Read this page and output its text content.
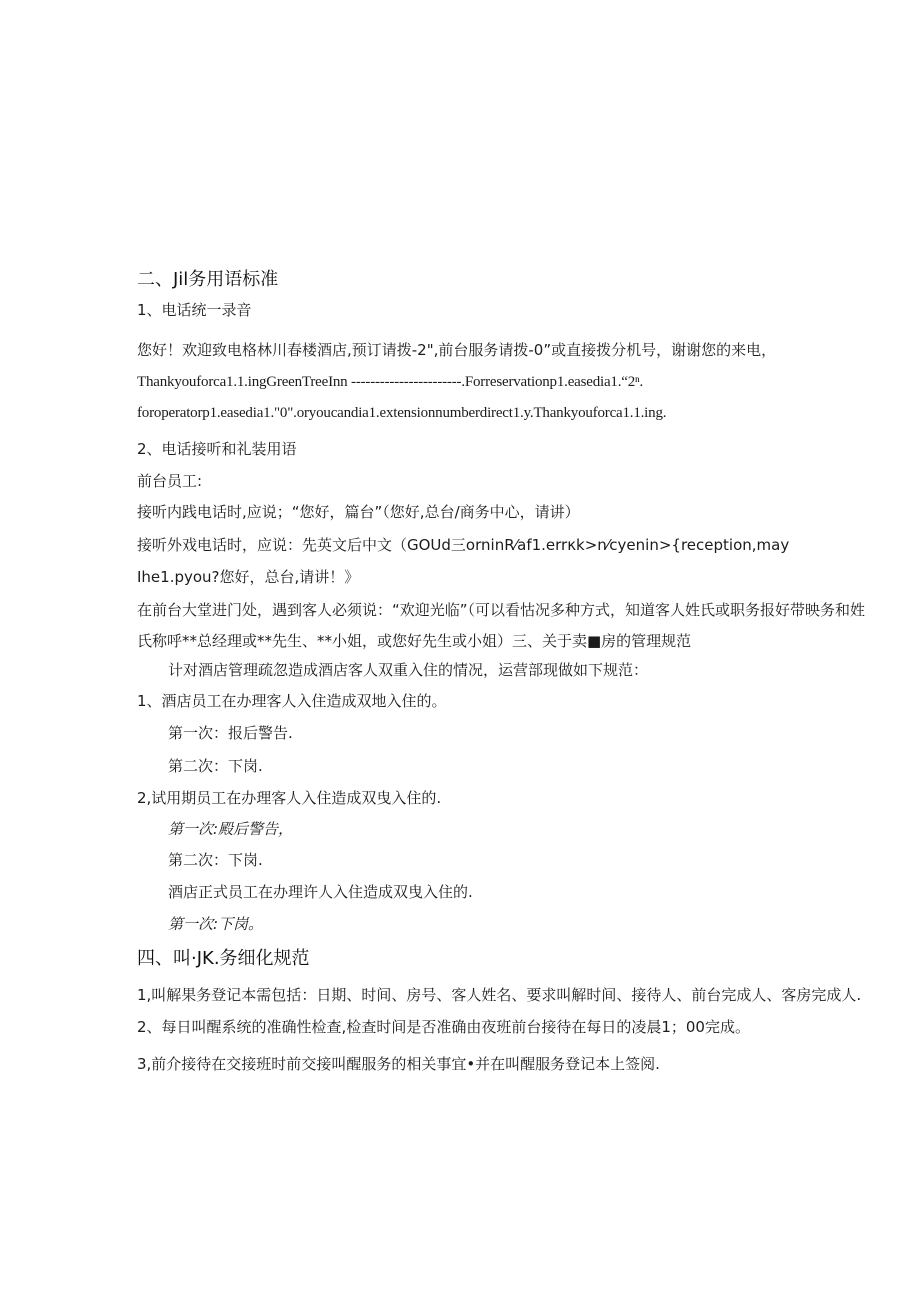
二、Jil务用语标准
1、电话统一录音
您好！欢迎致电格林川春楼酒店,预订请拨-2",前台服务请拨-0”或直接拨分机号，谢谢您的来电，
Thankyouforca1.1.ingGreenTreeInn -----------------------.Forreservationp1.easedia1.“2ⁿ.
foroperatorp1.easedia1."0".oryoucandia1.extensionnumberdirect1.y.Thankyouforca1.1.ing.
2、电话接听和礼装用语
前台员工:
接听内践电话时,应说；“您好，篇台”（您好,总台/商务中心，请讲）
接听外戏电话时，应说：先英文后中文（GOUd三orninR⁄af1.errκk>n⁄cyenin>{reception,may
Ihe1.pyou?您好，总台,请讲！》
在前台大堂进门处，遇到客人必须说：“欢迎光临”（可以看怙况多种方式，知道客人姓氏或职务报好带映务和姓
氏称呼**总经理或**先生、**小姐，或您好先生或小姐）三、关于卖■房的管理规范
计对酒店管理疏忽造成酒店客人双重入住的情况，运营部现做如下规范：
1、酒店员工在办理客人入住造成双地入住的。
第一次：报后警告.
第二次：下岗.
2,试用期员工在办理客人入住造成双曳入住的.
第一次:殿后警告，
第二次：下岗.
酒店正式员工在办理许人入住造成双曳入住的.
第一次:下岗。
四、叫·JK.务细化规范
1,叫解果务登记本需包括：日期、时间、房号、客人姓名、要求叫解时间、接待人、前台完成人、客房完成人.
2、每日叫醒系统的准确性检查,检查时间是否准确由夜班前台接待在每日的凌晨1；00完成。
3,前介接待在交接班时前交接叫醒服务的相关事宜•并在叫醒服务登记本上签阅.
